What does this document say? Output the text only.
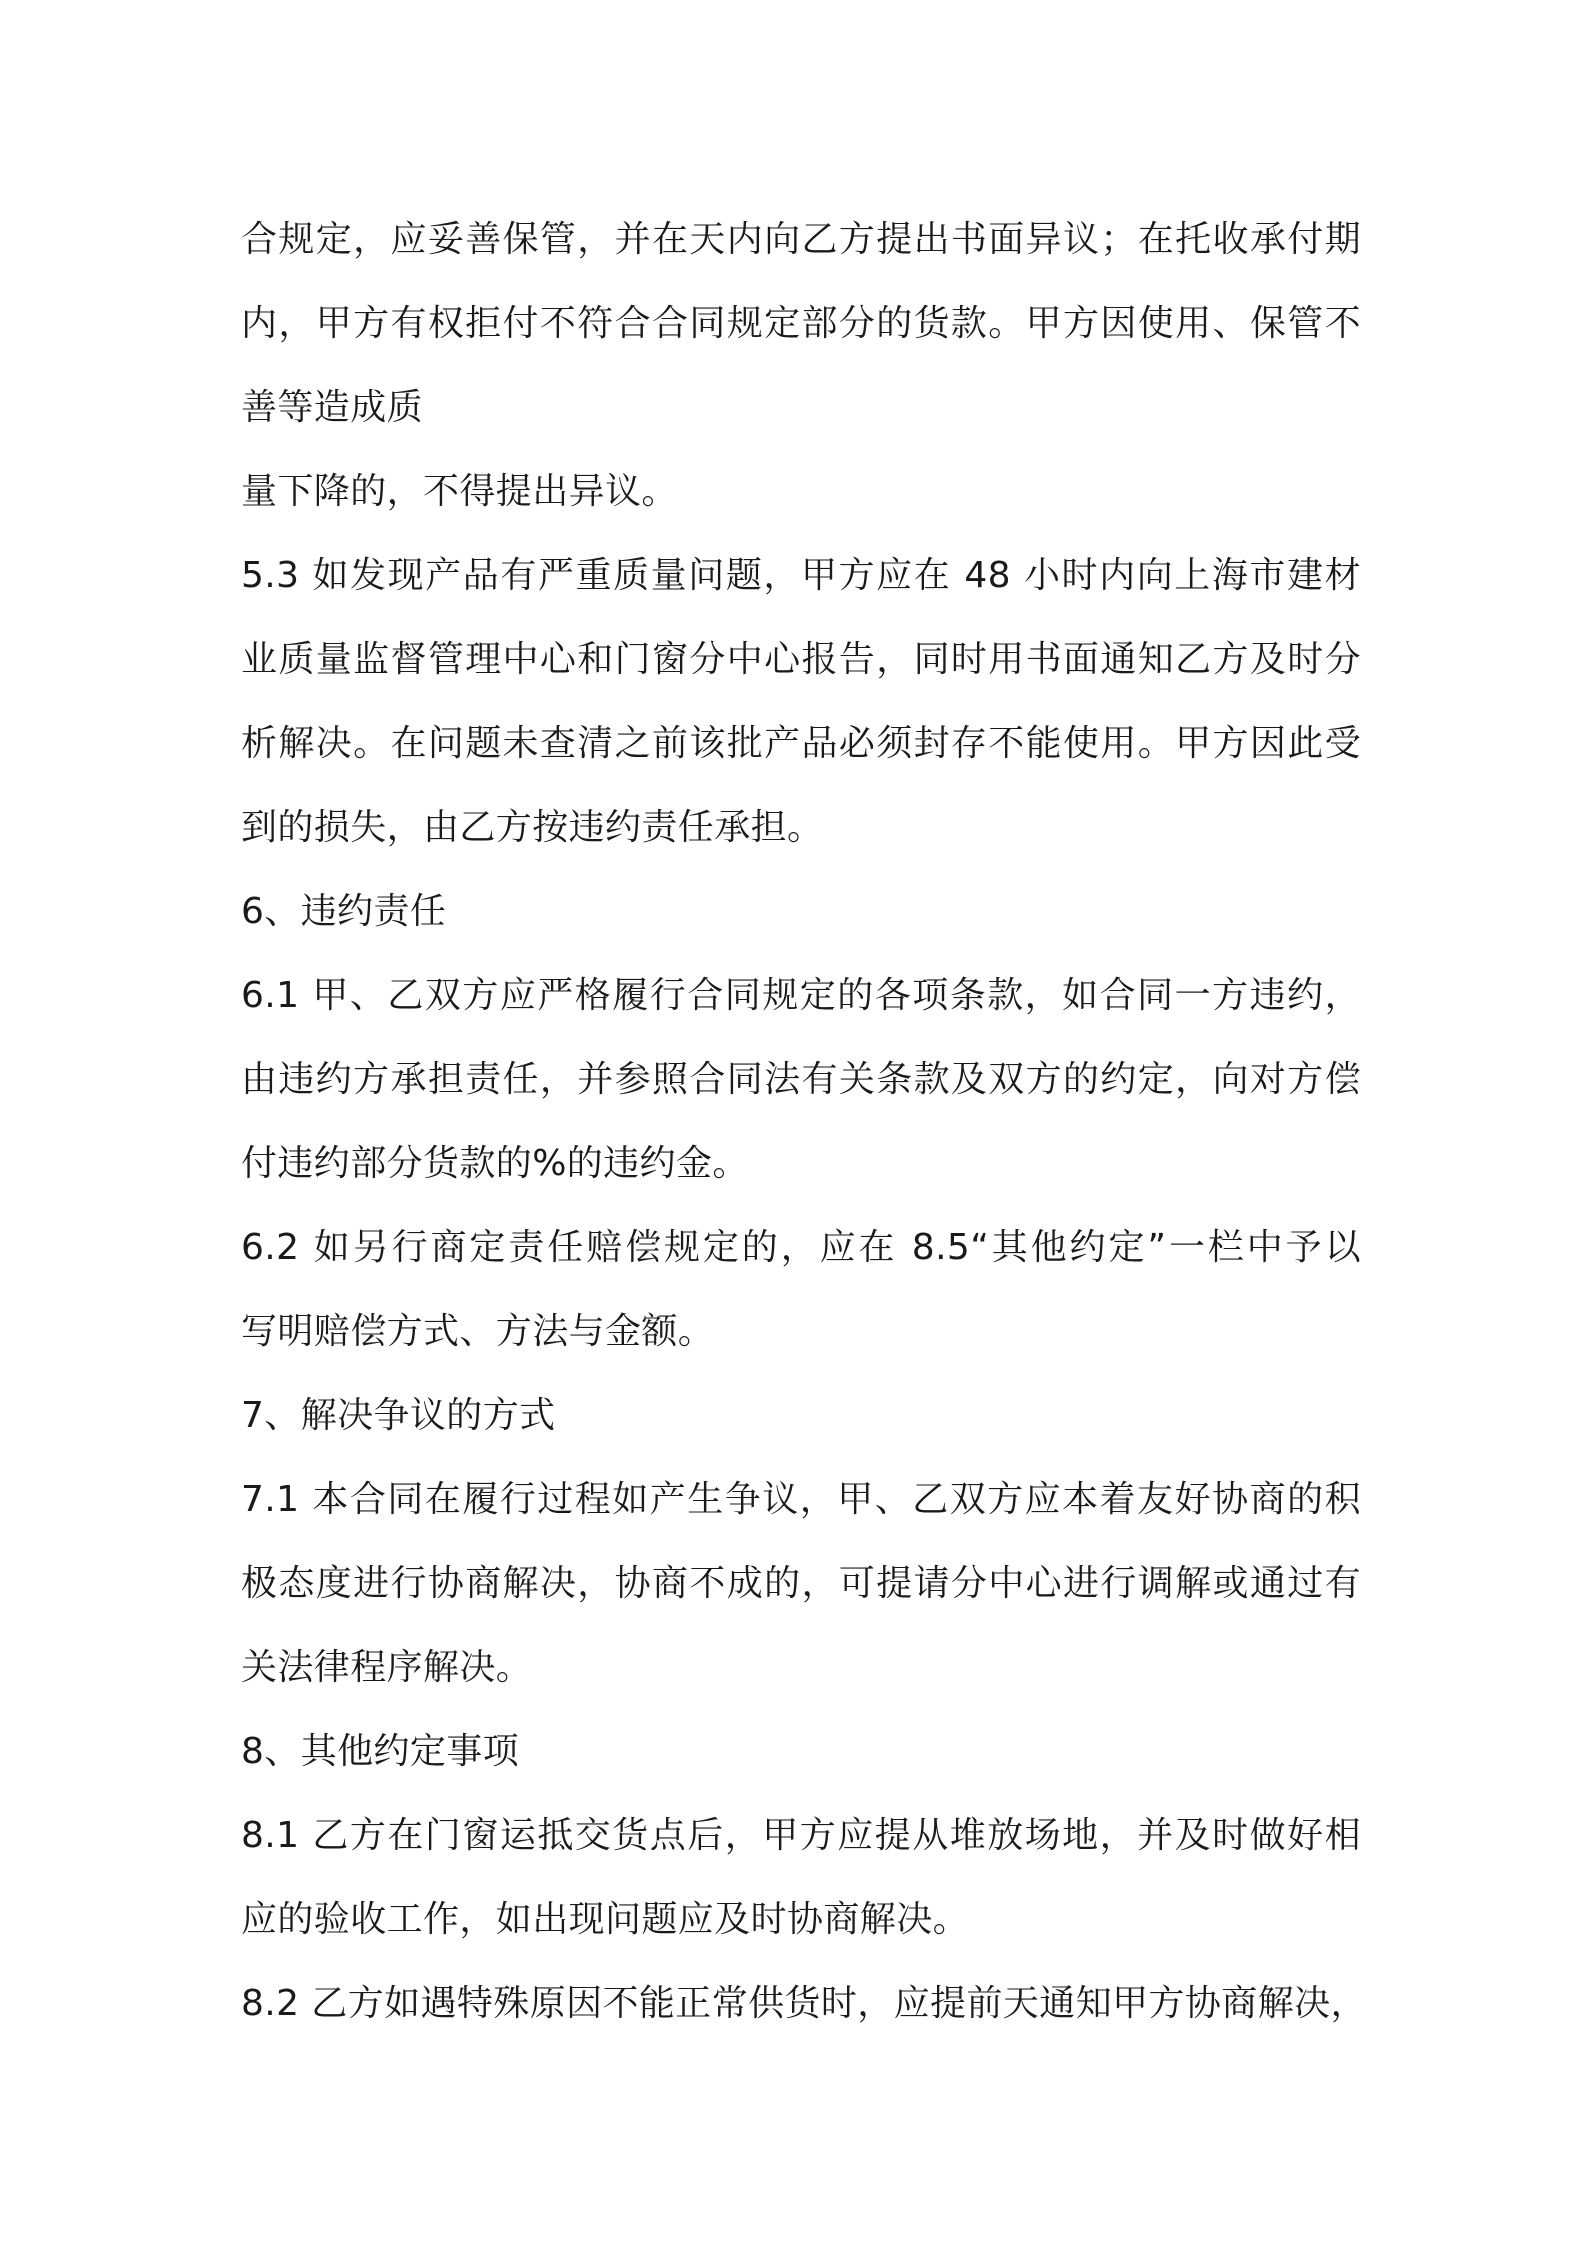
合规定，应妥善保管，并在天内向乙方提出书面异议；在托收承付期
内，甲方有权拒付不符合合同规定部分的货款。甲方因使用、保管不
善等造成质
量下降的，不得提出异议。
5.3 如发现产品有严重质量问题，甲方应在 48 小时内向上海市建材
业质量监督管理中心和门窗分中心报告，同时用书面通知乙方及时分
析解决。在问题未查清之前该批产品必须封存不能使用。甲方因此受
到的损失，由乙方按违约责任承担。
6、违约责任
6.1 甲、乙双方应严格履行合同规定的各项条款，如合同一方违约，
由违约方承担责任，并参照合同法有关条款及双方的约定，向对方偿
付违约部分货款的%的违约金。
6.2 如另行商定责任赔偿规定的，应在 8.5“其他约定”一栏中予以
写明赔偿方式、方法与金额。
7、解决争议的方式
7.1 本合同在履行过程如产生争议，甲、乙双方应本着友好协商的积
极态度进行协商解决，协商不成的，可提请分中心进行调解或通过有
关法律程序解决。
8、其他约定事项
8.1 乙方在门窗运抵交货点后，甲方应提从堆放场地，并及时做好相
应的验收工作，如出现问题应及时协商解决。
8.2 乙方如遇特殊原因不能正常供货时，应提前天通知甲方协商解决，
